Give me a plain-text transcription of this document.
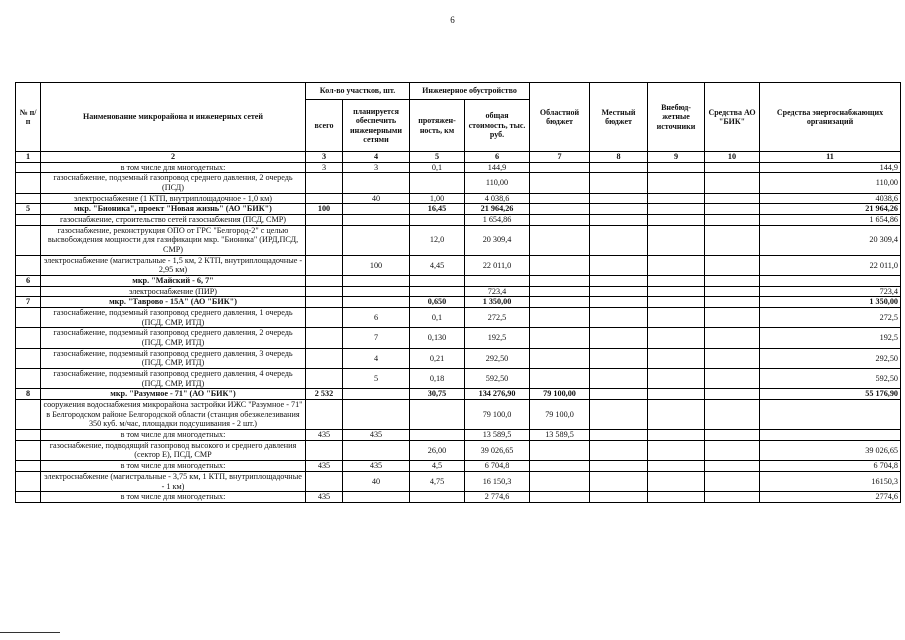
6
№ п/п	Наименование микрорайона и инженерных сетей	Кол-во участков, шт.		Инженерное обустройство		Областной бюджет	Местный бюджет	Внебюд-жетные источники	Средства АО "БИК"	Средства энергоснабжающих организаций
		всего	планируется обеспечить инженерными сетями	протяжен-ность, км	общая стоимость, тыс. руб.					
1	2	3	4	5	6	7	8	9	10	11
	в том числе для многодетных:	3	3	0,1	144,9					144,9
	газоснабжение, подземный газопровод среднего давления, 2 очередь (ПСД)				110,00					110,00
	электроснабжение (1 КТП, внутриплощадочное - 1,0 км)		40	1,00	4 038,6					4038,6
5	мкр. "Бионика", проект "Новая жизнь" (АО "БИК")	100		16,45	21 964,26					21 964,26
	газоснабжение, строительство сетей газоснабжения (ПСД, СМР)				1 654,86					1 654,86
	газоснабжение, реконструкция ОПО от ГРС "Белгород-2" с целью высвобождения мощности для газификации мкр. "Бионика" (ИРД,ПСД, СМР)			12,0	20 309,4					20 309,4
	электроснабжение (магистральные - 1,5 км, 2 КТП, внутриплощадочные - 2,95 км)		100	4,45	22 011,0					22 011,0
6	мкр. "Майский - 6, 7"									
	электроснабжение (ПИР)				723,4					723,4
7	мкр. "Таврово - 15А" (АО "БИК")			0,650	1 350,00					1 350,00
	газоснабжение, подземный газопровод среднего давления, 1 очередь (ПСД, СМР, ИТД)		6	0,1	272,5					272,5
	газоснабжение, подземный газопровод среднего давления, 2 очередь (ПСД, СМР, ИТД)		7	0,130	192,5					192,5
	газоснабжение, подземный газопровод среднего давления, 3 очередь (ПСД, СМР, ИТД)		4	0,21	292,50					292,50
	газоснабжение, подземный газопровод среднего давления, 4 очередь (ПСД, СМР, ИТД)		5	0,18	592,50					592,50
8	мкр. "Разумное - 71" (АО "БИК")	2 532		30,75	134 276,90	79 100,00				55 176,90
	сооружения водоснабжения микрорайона застройки ИЖС "Разумное - 71" в Белгородском районе Белгородской области (станция обезжелезивания 350 куб. м/час, площадки подсушивания - 2 шт.)				79 100,0	79 100,0				
	в том числе для многодетных:	435	435		13 589,5	13 589,5				
	газоснабжение, подводящий газопровод высокого и среднего давления (сектор Е), ПСД, СМР			26,00	39 026,65					39 026,65
	в том числе для многодетных:	435	435	4,5	6 704,8					6 704,8
	электроснабжение (магистральные - 3,75 км, 1 КТП, внутриплощадочные - 1 км)		40	4,75	16 150,3					16150,3
	в том числе для многодетных:	435			2 774,6					2774,6
